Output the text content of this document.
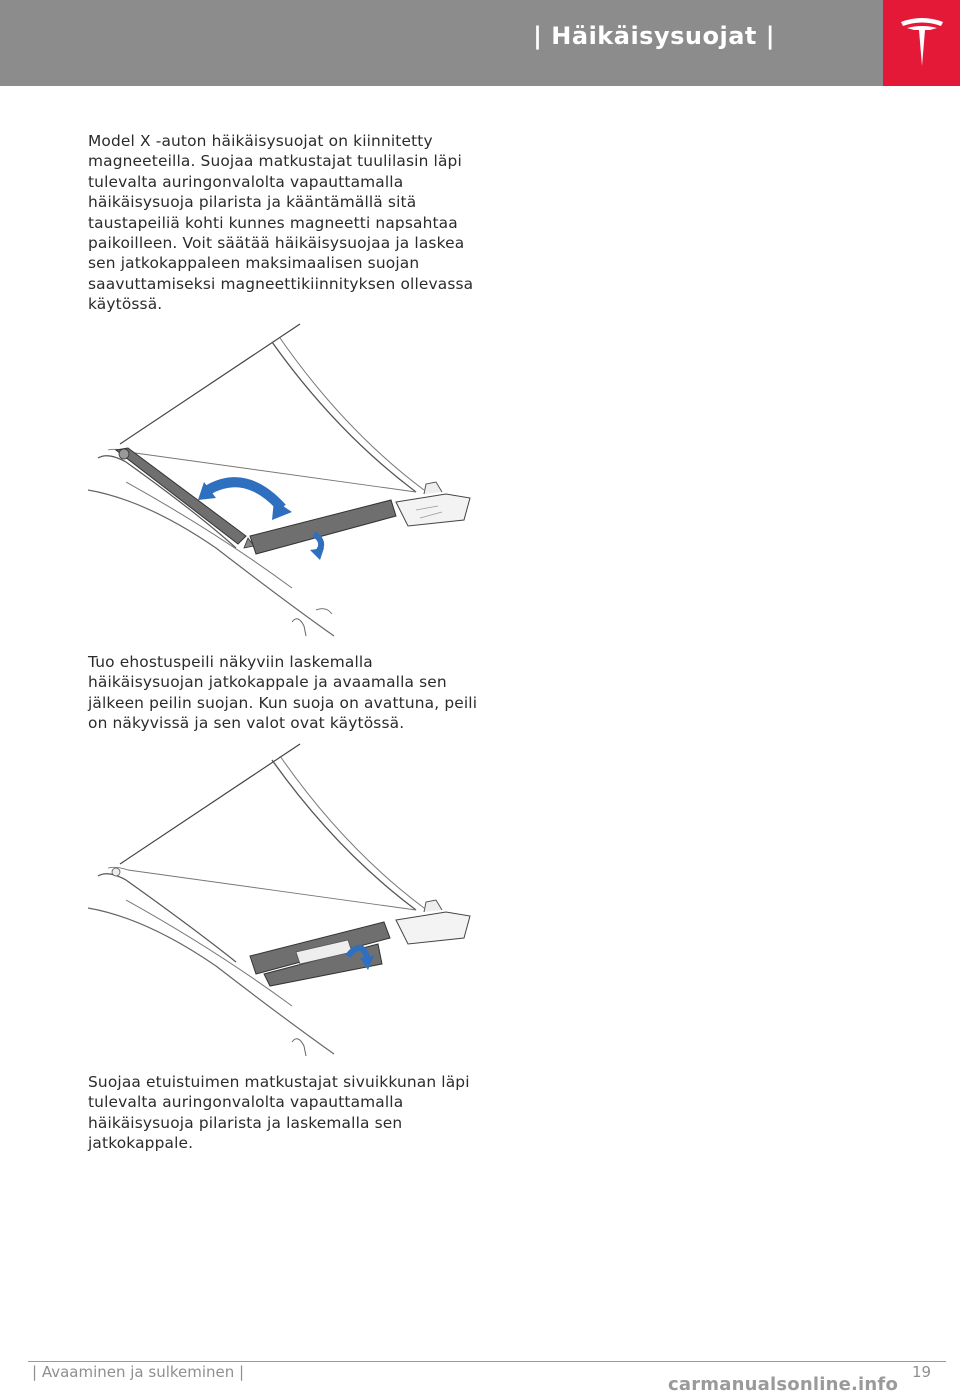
| Häikäisysuojat |

Model X -auton häikäisysuojat on kiinnitetty magneeteilla. Suojaa matkustajat tuulilasin läpi tulevalta auringonvalolta vapauttamalla häikäisysuoja pilarista ja kääntämällä sitä taustapeiliä kohti kunnes magneetti napsahtaa paikoilleen. Voit säätää häikäisysuojaa ja laskea sen jatkokappaleen maksimaalisen suojan saavuttamiseksi magneettikiinnityksen ollevassa käytössä.

Tuo ehostuspeili näkyviin laskemalla häikäisysuojan jatkokappale ja avaamalla sen jälkeen peilin suojan. Kun suoja on avattuna, peili on näkyvissä ja sen valot ovat käytössä.

Suojaa etuistuimen matkustajat sivuikkunan läpi tulevalta auringonvalolta vapauttamalla häikäisysuoja pilarista ja laskemalla sen jatkokappale.

| Avaaminen ja sulkeminen |	19
carmanualsonline.info
